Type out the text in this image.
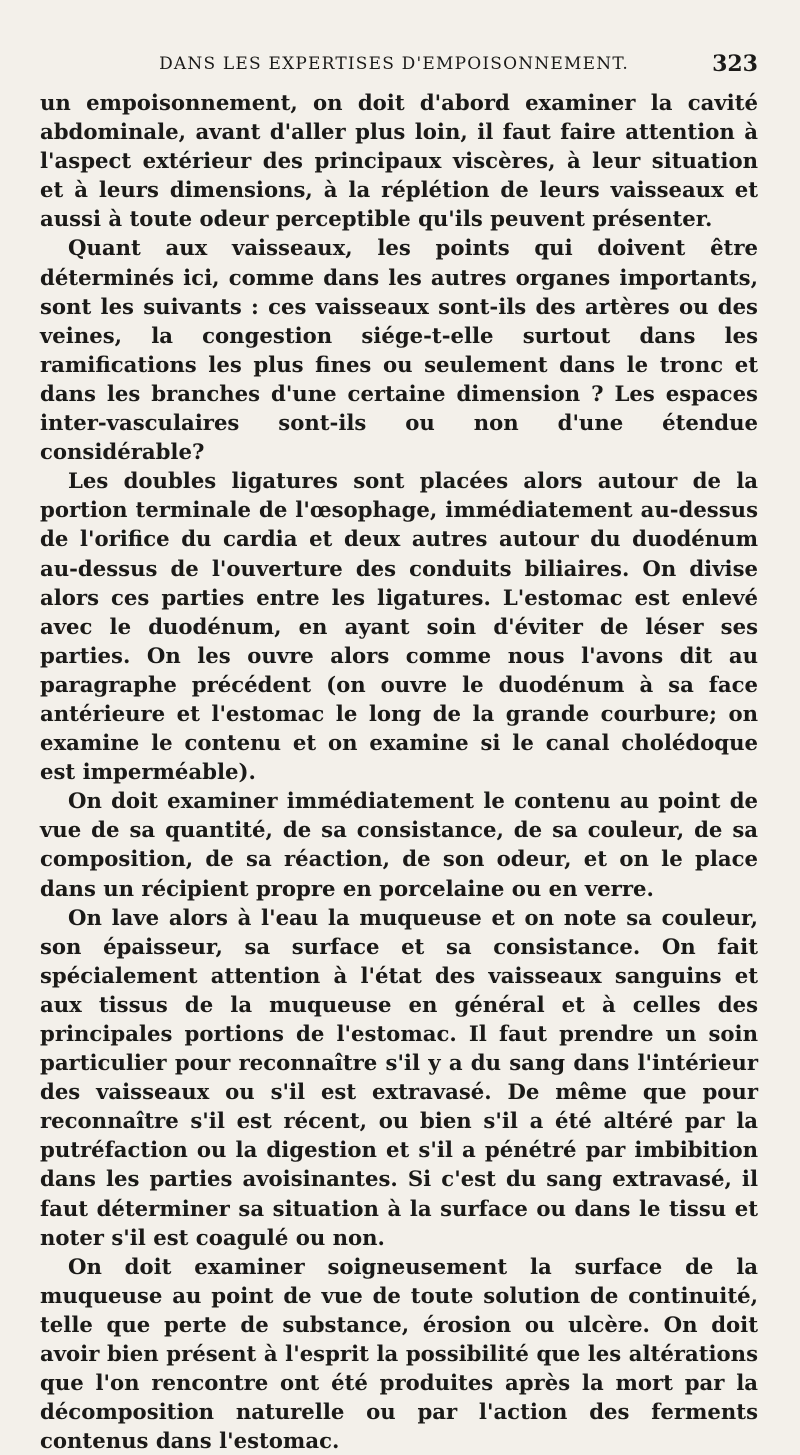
DANS LES EXPERTISES D'EMPOISONNEMENT.	323

un empoisonnement, on doit d'abord examiner la cavité abdominale, avant d'aller plus loin, il faut faire attention à l'aspect extérieur des principaux viscères, à leur situation et à leurs dimensions, à la réplétion de leurs vaisseaux et aussi à toute odeur perceptible qu'ils peuvent présenter.

Quant aux vaisseaux, les points qui doivent être déterminés ici, comme dans les autres organes importants, sont les suivants : ces vaisseaux sont-ils des artères ou des veines, la congestion siége-t-elle surtout dans les ramifications les plus fines ou seulement dans le tronc et dans les branches d'une certaine dimension ? Les espaces inter-vasculaires sont-ils ou non d'une étendue considérable?

Les doubles ligatures sont placées alors autour de la portion terminale de l'œsophage, immédiatement au-dessus de l'orifice du cardia et deux autres autour du duodénum au-dessus de l'ouverture des conduits biliaires. On divise alors ces parties entre les ligatures. L'estomac est enlevé avec le duodénum, en ayant soin d'éviter de léser ses parties. On les ouvre alors comme nous l'avons dit au paragraphe précédent (on ouvre le duodénum à sa face antérieure et l'estomac le long de la grande courbure; on examine le contenu et on examine si le canal cholédoque est imperméable).

On doit examiner immédiatement le contenu au point de vue de sa quantité, de sa consistance, de sa couleur, de sa composition, de sa réaction, de son odeur, et on le place dans un récipient propre en porcelaine ou en verre.

On lave alors à l'eau la muqueuse et on note sa couleur, son épaisseur, sa surface et sa consistance. On fait spécialement attention à l'état des vaisseaux sanguins et aux tissus de la muqueuse en général et à celles des principales portions de l'estomac. Il faut prendre un soin particulier pour reconnaître s'il y a du sang dans l'intérieur des vaisseaux ou s'il est extravasé. De même que pour reconnaître s'il est récent, ou bien s'il a été altéré par la putréfaction ou la digestion et s'il a pénétré par imbibition dans les parties avoisinantes. Si c'est du sang extravasé, il faut déterminer sa situation à la surface ou dans le tissu et noter s'il est coagulé ou non.

On doit examiner soigneusement la surface de la muqueuse au point de vue de toute solution de continuité, telle que perte de substance, érosion ou ulcère. On doit avoir bien présent à l'esprit la possibilité que les altérations que l'on rencontre ont été produites après la mort par la décomposition naturelle ou par l'action des ferments contenus dans l'estomac.
